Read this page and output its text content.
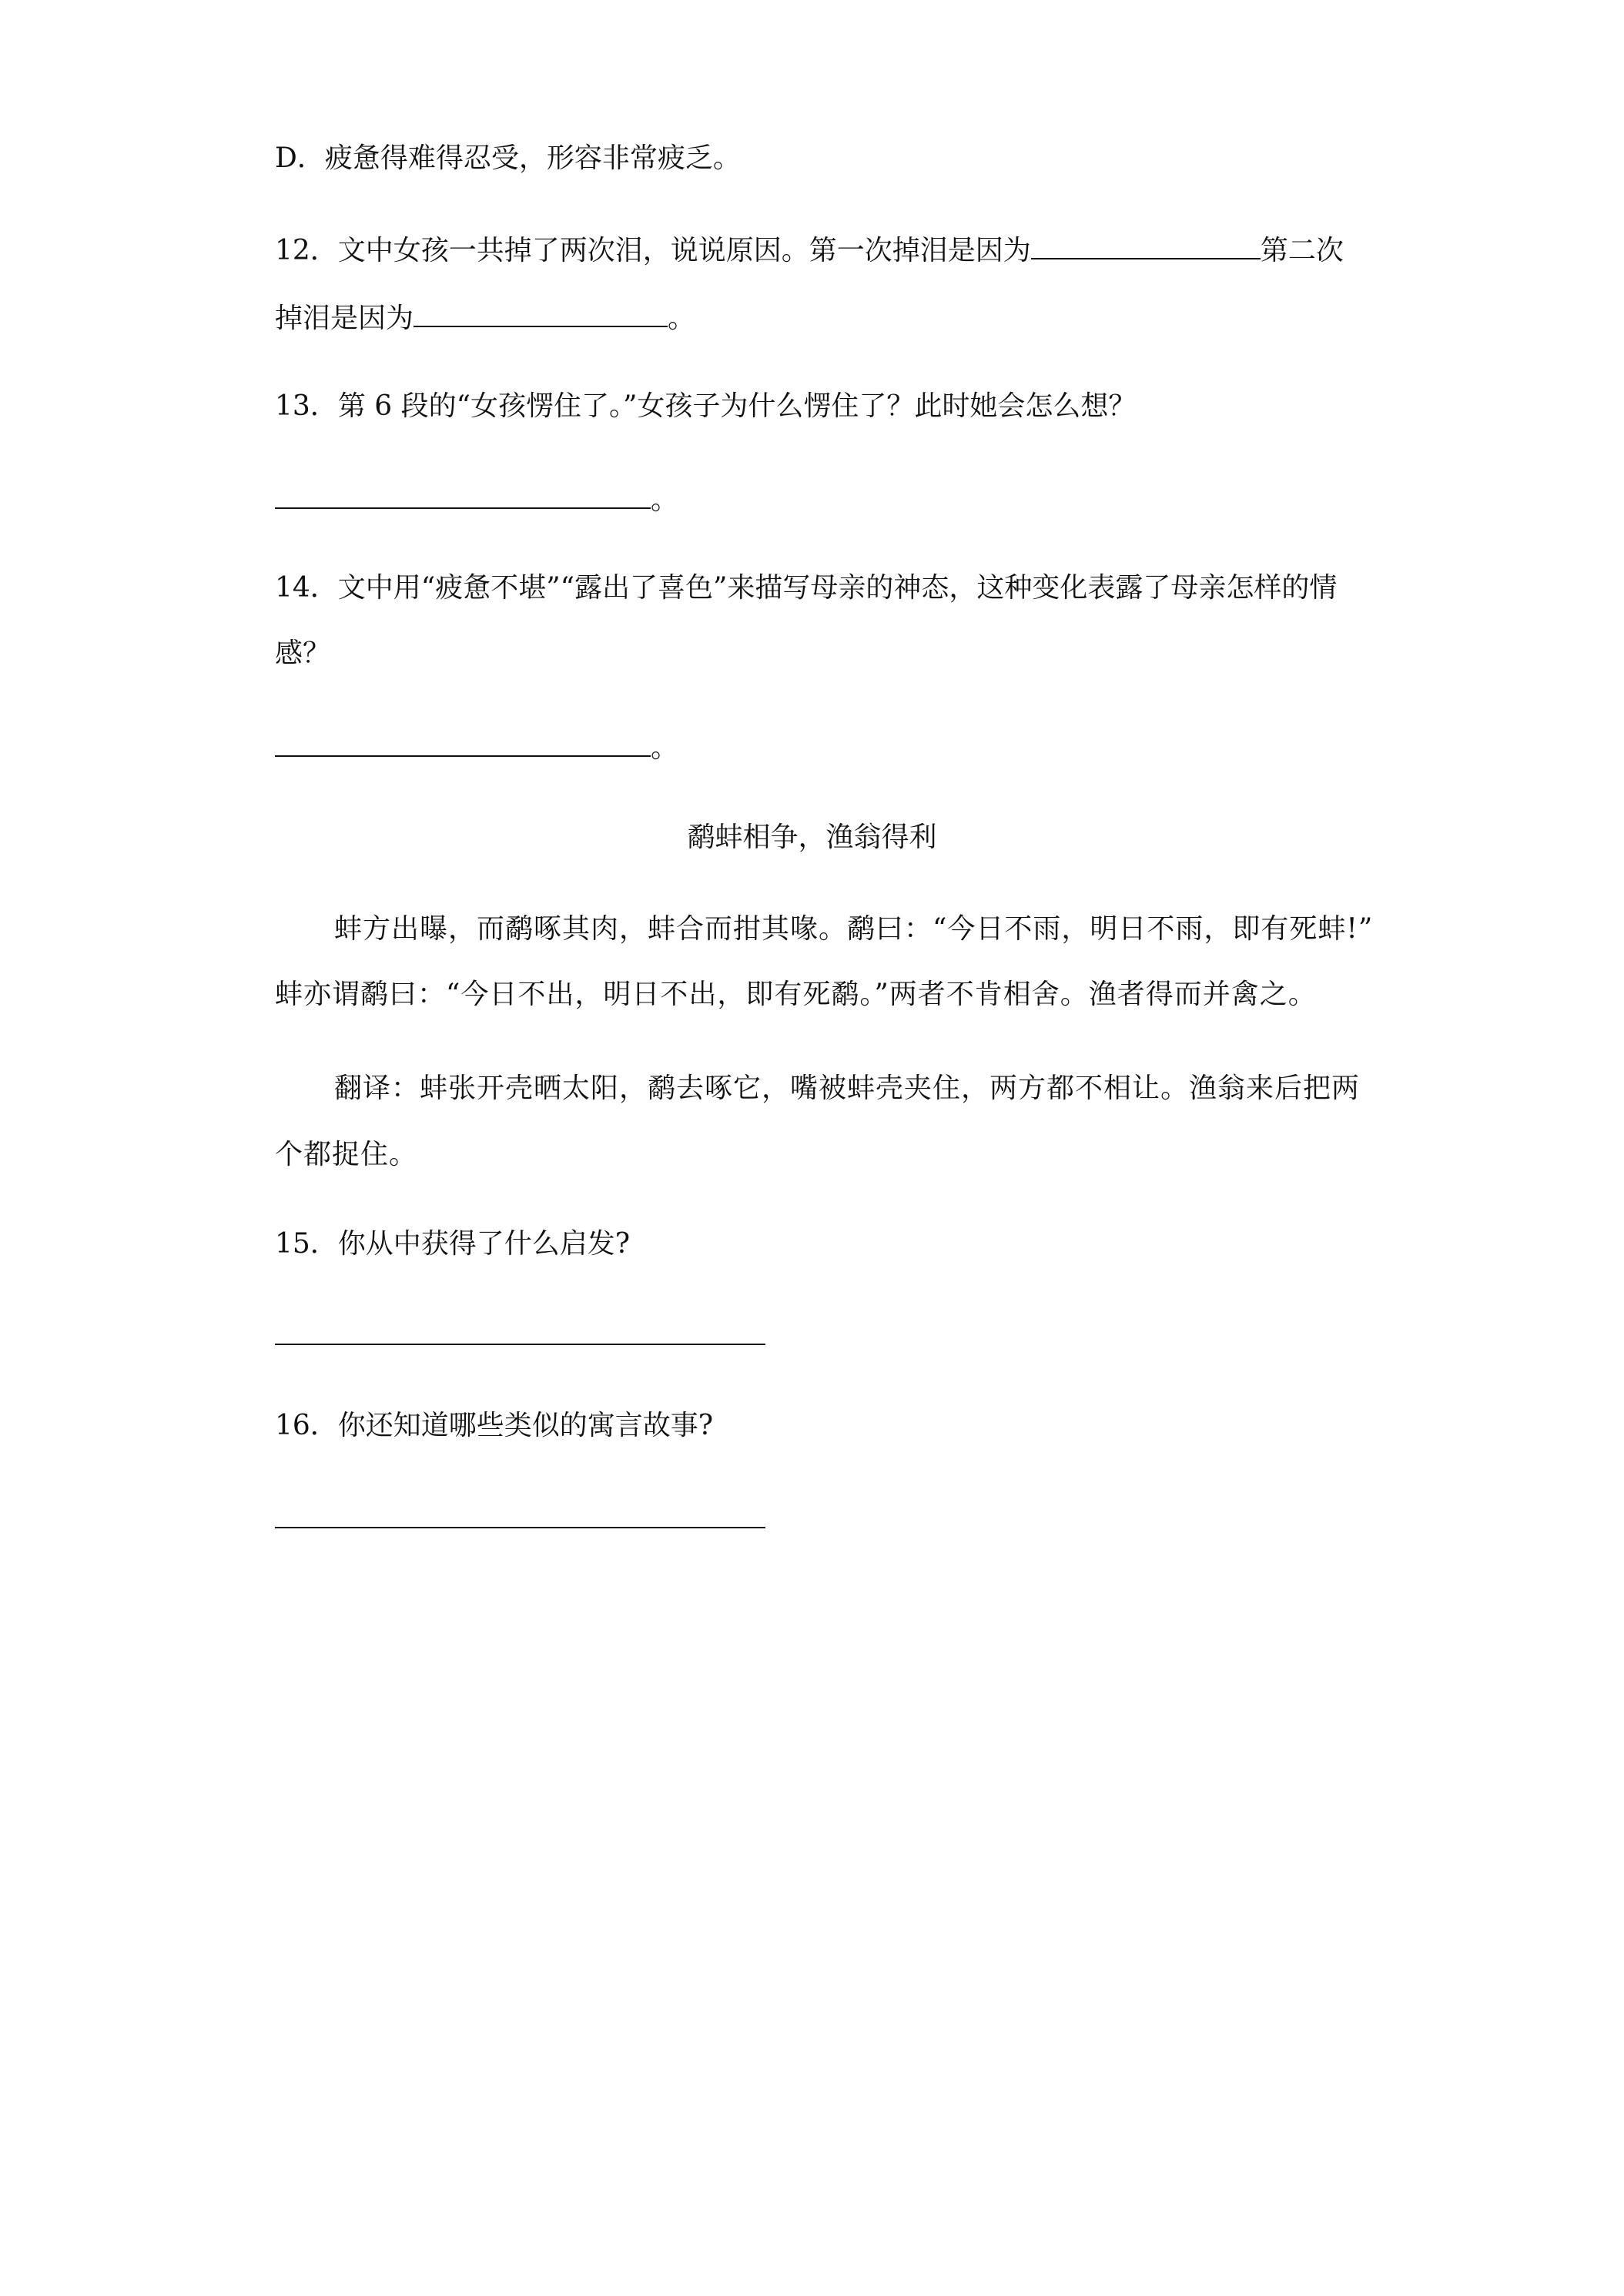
D．疲惫得难得忍受，形容非常疲乏。
12．文中女孩一共掉了两次泪，说说原因。第一次掉泪是因为	第二次
掉泪是因为	。
13．第 6 段的“女孩愣住了。”女孩子为什么愣住了？此时她会怎么想？
。
14．文中用“疲惫不堪”“露出了喜色”来描写母亲的神态，这种变化表露了母亲怎样的情
感？
。
鹬蚌相争，渔翁得利
蚌方出曝，而鹬啄其肉，蚌合而拑其喙。鹬曰：“今日不雨，明日不雨，即有死蚌!”
蚌亦谓鹬曰：“今日不出，明日不出，即有死鹬。”两者不肯相舍。渔者得而并禽之。
翻译：蚌张开壳晒太阳，鹬去啄它，嘴被蚌壳夹住，两方都不相让。渔翁来后把两
个都捉住。
15．你从中获得了什么启发?
16．你还知道哪些类似的寓言故事?
